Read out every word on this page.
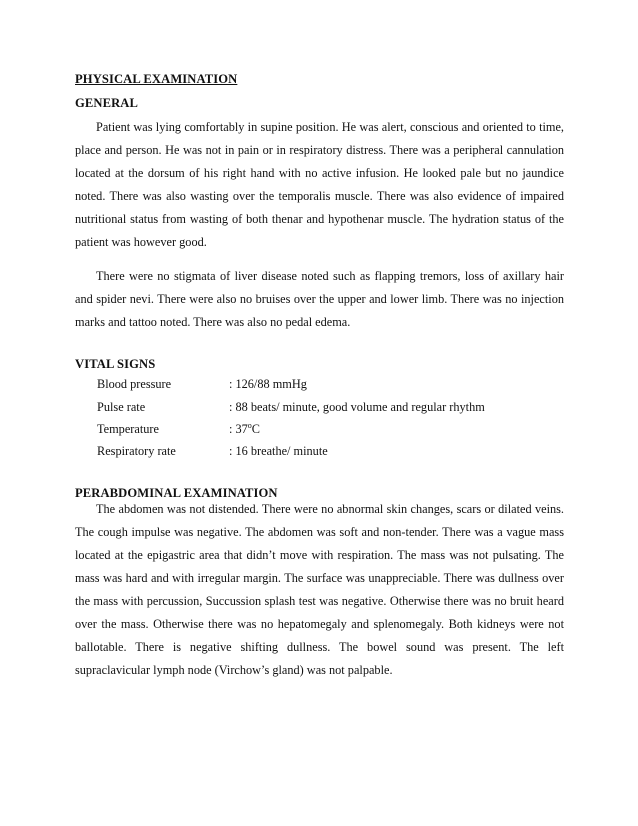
PHYSICAL EXAMINATION
GENERAL

Patient was lying comfortably in supine position. He was alert, conscious and oriented to time, place and person. He was not in pain or in respiratory distress. There was a peripheral cannulation located at the dorsum of his right hand with no active infusion. He looked pale but no jaundice noted. There was also wasting over the temporalis muscle. There was also evidence of impaired nutritional status from wasting of both thenar and hypothenar muscle. The hydration status of the patient was however good.

There were no stigmata of liver disease noted such as flapping tremors, loss of axillary hair and spider nevi. There were also no bruises over the upper and lower limb. There was no injection marks and tattoo noted. There was also no pedal edema.

VITAL SIGNS
Blood pressure	: 126/88 mmHg
Pulse rate	: 88 beats/ minute, good volume and regular rhythm
Temperature	: 37$^o$C
Respiratory rate	: 16 breathe/ minute
PERABDOMINAL EXAMINATION

The abdomen was not distended. There were no abnormal skin changes, scars or dilated veins. The cough impulse was negative. The abdomen was soft and non-tender. There was a vague mass located at the epigastric area that didn’t move with respiration. The mass was not pulsating. The mass was hard and with irregular margin. The surface was unappreciable. There was dullness over the mass with percussion, Succussion splash test was negative. Otherwise there was no bruit heard over the mass. Otherwise there was no hepatomegaly and splenomegaly. Both kidneys were not ballotable. There is negative shifting dullness. The bowel sound was present. The left supraclavicular lymph node (Virchow’s gland) was not palpable.
